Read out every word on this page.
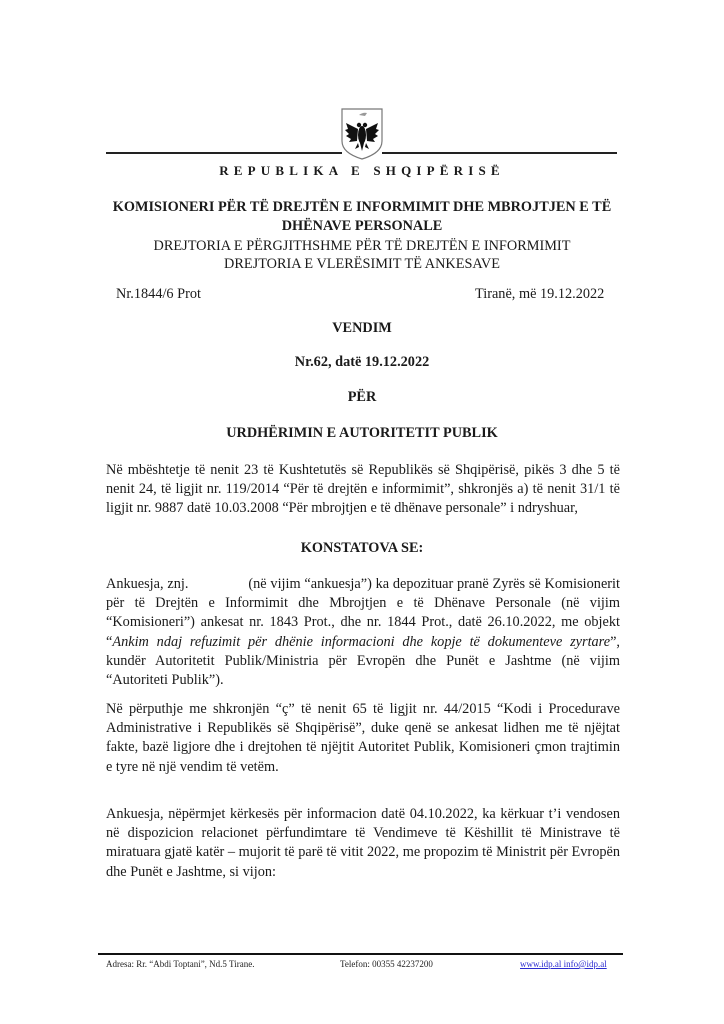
REPUBLIKA E SHQIPËRISË
KOMISIONERI PËR TË DREJTËN E INFORMIMIT DHE MBROJTJEN E TË
DHËNAVE PERSONALE
DREJTORIA E PËRGJITHSHME PËR TË DREJTËN E INFORMIMIT
DREJTORIA E VLERËSIMIT TË ANKESAVE
Nr.1844/6 Prot	Tiranë, më 19.12.2022
VENDIM
Nr.62, datë 19.12.2022
PËR
URDHËRIMIN E AUTORITETIT PUBLIK

Në mbështetje të nenit 23 të Kushtetutës së Republikës së Shqipërisë, pikës 3 dhe 5 të nenit 24, të ligjit nr. 119/2014 “Për të drejtën e informimit”, shkronjës a) të nenit 31/1 të ligjit nr. 9887 datë 10.03.2008 “Për mbrojtjen e të dhënave personale” i ndryshuar,

KONSTATOVA SE:

Ankuesja, znj.	(në vijim “ankuesja”) ka depozituar pranë Zyrës së Komisionerit për të Drejtën e Informimit dhe Mbrojtjen e të Dhënave Personale (në vijim “Komisioneri”) ankesat nr. 1843 Prot., dhe nr. 1844 Prot., datë 26.10.2022, me objekt “Ankim ndaj refuzimit për dhënie informacioni dhe kopje të dokumenteve zyrtare”, kundër Autoritetit Publik/Ministria për Evropën dhe Punët e Jashtme (në vijim “Autoriteti Publik”).

Në përputhje me shkronjën “ç” të nenit 65 të ligjit nr. 44/2015 “Kodi i Procedurave Administrative i Republikës së Shqipërisë”, duke qenë se ankesat lidhen me të njëjtat fakte, bazë ligjore dhe i drejtohen të njëjtit Autoritet Publik, Komisioneri çmon trajtimin e tyre në një vendim të vetëm.

Ankuesja, nëpërmjet kërkesës për informacion datë 04.10.2022, ka kërkuar t’i vendosen në dispozicion relacionet përfundimtare të Vendimeve të Këshillit të Ministrave të miratuara gjatë katër – mujorit të parë të vitit 2022, me propozim të Ministrit për Evropën dhe Punët e Jashtme, si vijon:

Adresa: Rr. “Abdi Toptani”, Nd.5 Tirane.	Telefon: 00355 42237200	www.idp.al info@idp.al
